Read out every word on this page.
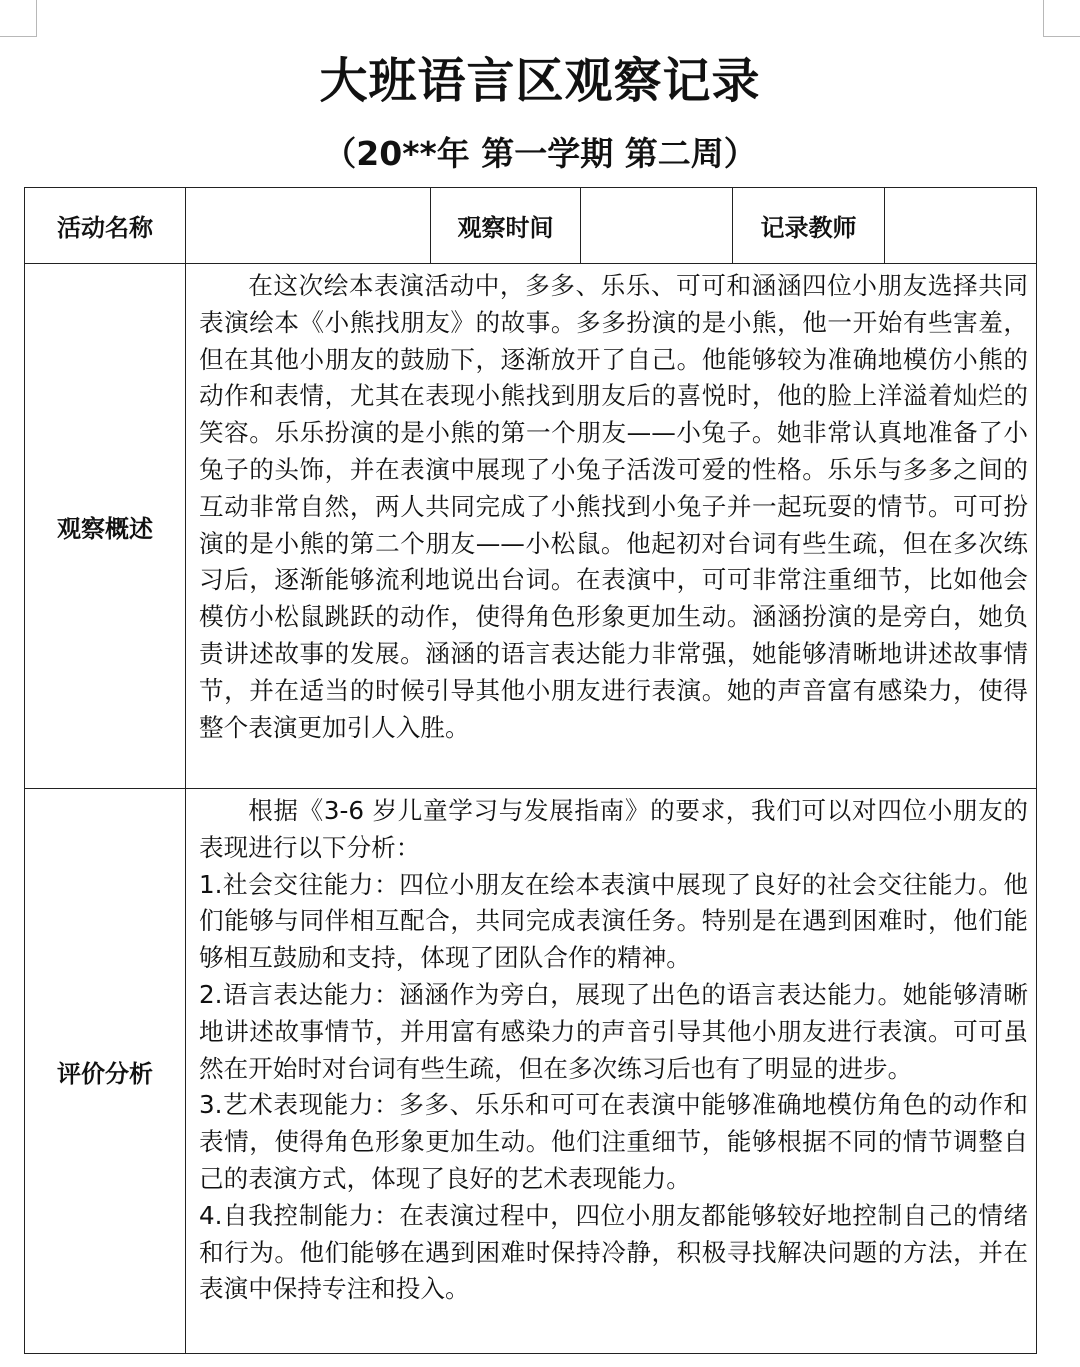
大班语言区观察记录
（20**年 第一学期 第二周）
活动名称		观察时间		记录教师	
观察概述	在这次绘本表演活动中，多多、乐乐、可可和涵涵四位小朋友选择共同表演绘本《小熊找朋友》的故事。多多扮演的是小熊，他一开始有些害羞，但在其他小朋友的鼓励下，逐渐放开了自己。他能够较为准确地模仿小熊的动作和表情，尤其在表现小熊找到朋友后的喜悦时，他的脸上洋溢着灿烂的笑容。乐乐扮演的是小熊的第一个朋友——小兔子。她非常认真地准备了小兔子的头饰，并在表演中展现了小兔子活泼可爱的性格。乐乐与多多之间的互动非常自然，两人共同完成了小熊找到小兔子并一起玩耍的情节。可可扮演的是小熊的第二个朋友——小松鼠。他起初对台词有些生疏，但在多次练习后，逐渐能够流利地说出台词。在表演中，可可非常注重细节，比如他会模仿小松鼠跳跃的动作，使得角色形象更加生动。涵涵扮演的是旁白，她负责讲述故事的发展。涵涵的语言表达能力非常强，她能够清晰地讲述故事情节，并在适当的时候引导其他小朋友进行表演。她的声音富有感染力，使得整个表演更加引人入胜。				

评价分析	根据《3-6 岁儿童学习与发展指南》的要求，我们可以对四位小朋友的表现进行以下分析：

1.社会交往能力：四位小朋友在绘本表演中展现了良好的社会交往能力。他们能够与同伴相互配合，共同完成表演任务。特别是在遇到困难时，他们能够相互鼓励和支持，体现了团队合作的精神。

2.语言表达能力：涵涵作为旁白，展现了出色的语言表达能力。她能够清晰地讲述故事情节，并用富有感染力的声音引导其他小朋友进行表演。可可虽然在开始时对台词有些生疏，但在多次练习后也有了明显的进步。

3.艺术表现能力：多多、乐乐和可可在表演中能够准确地模仿角色的动作和表情，使得角色形象更加生动。他们注重细节，能够根据不同的情节调整自己的表演方式，体现了良好的艺术表现能力。

4.自我控制能力：在表演过程中，四位小朋友都能够较好地控制自己的情绪和行为。他们能够在遇到困难时保持冷静，积极寻找解决问题的方法，并在表演中保持专注和投入。				
